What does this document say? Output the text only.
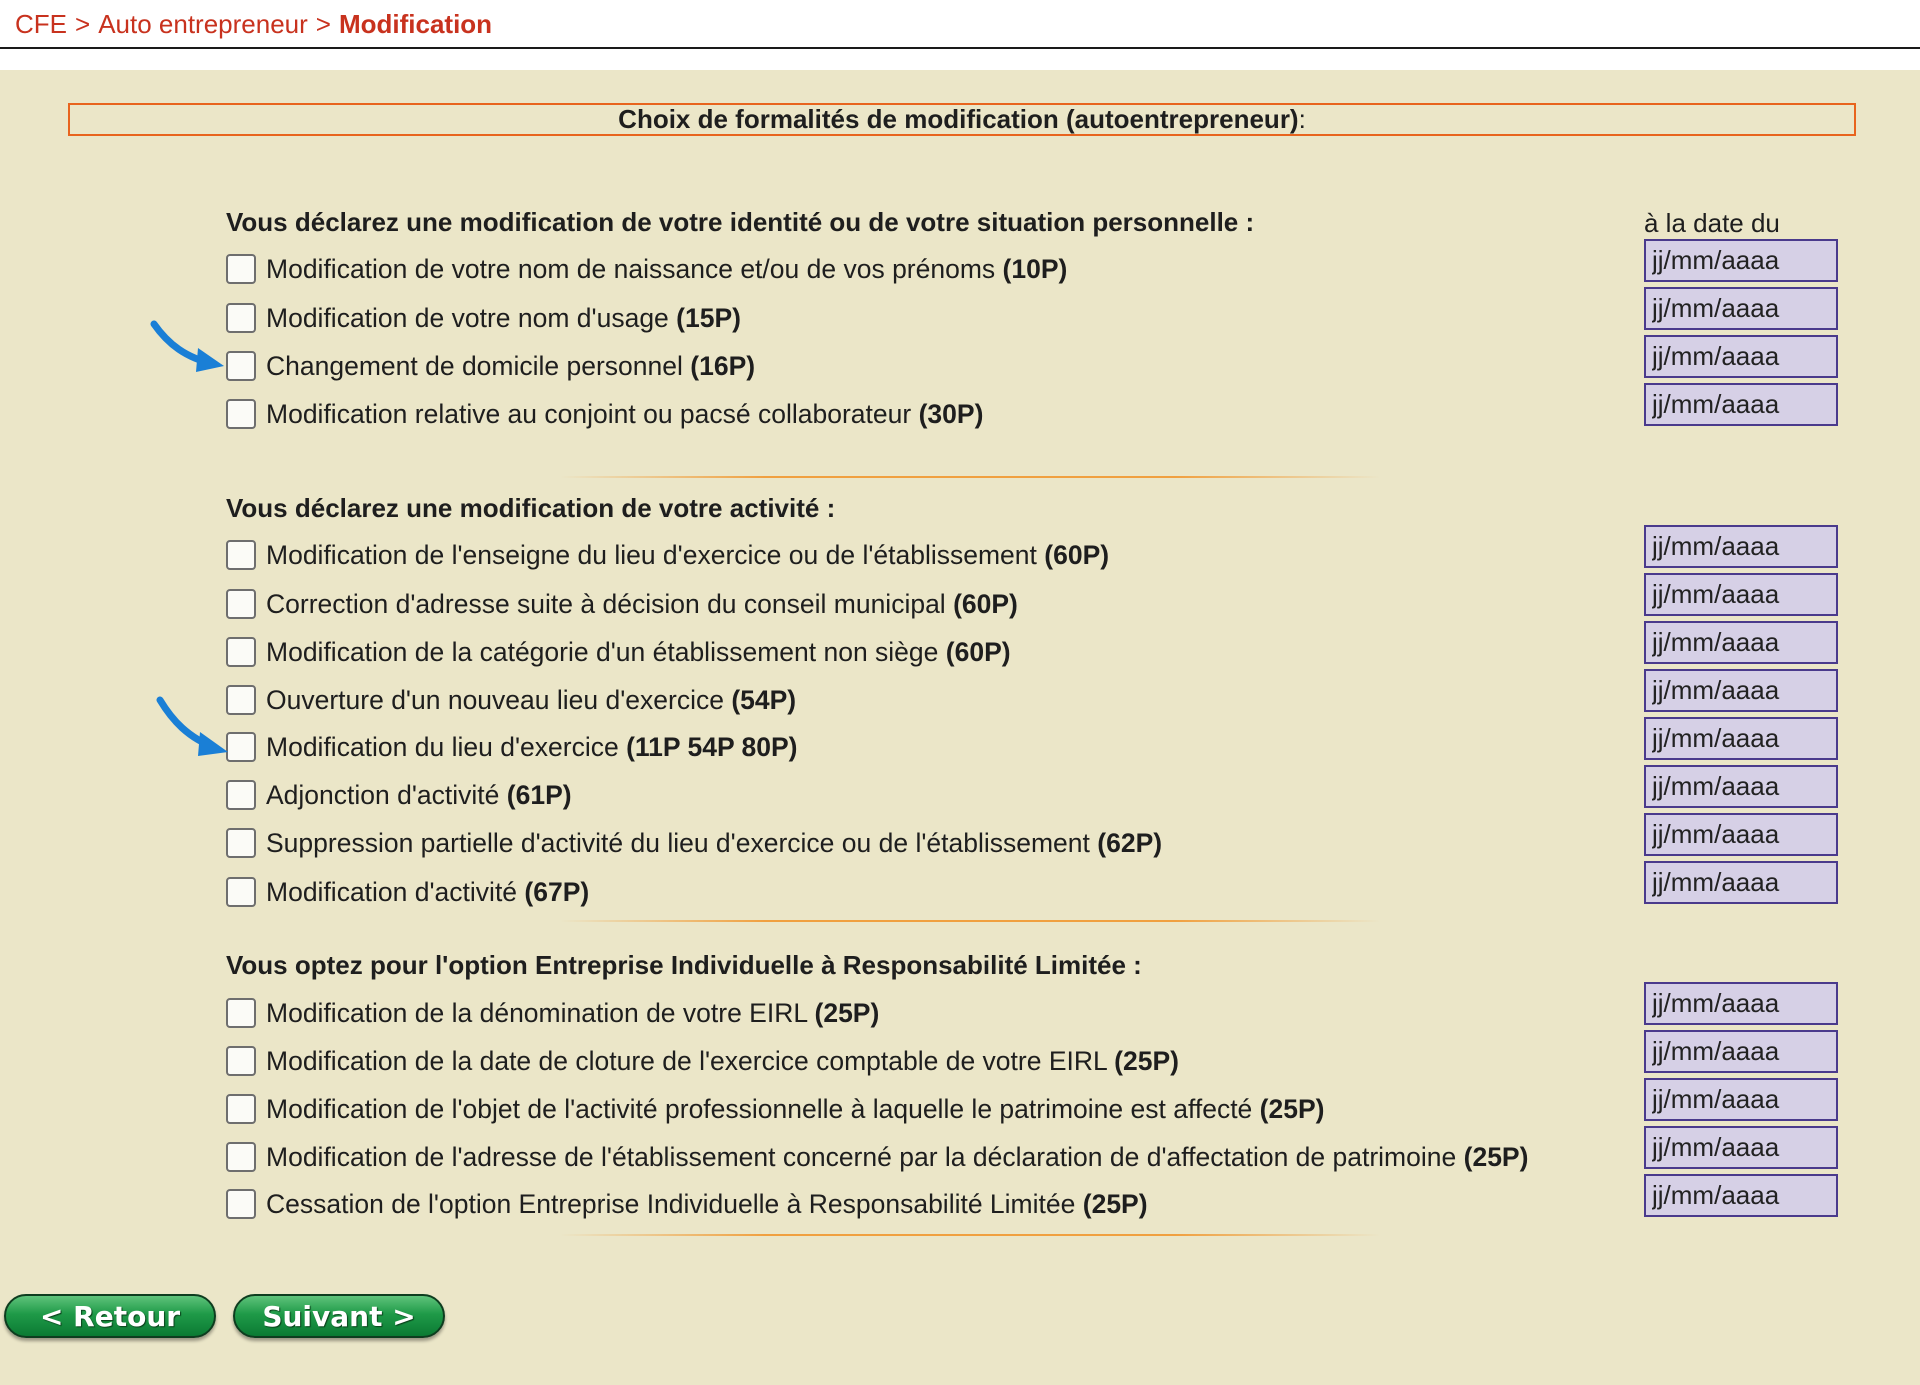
CFE > Auto entrepreneur > Modification
Choix de formalités de modification (autoentrepreneur) :
Vous déclarez une modification de votre identité ou de votre situation personnelle :	à la date du
Modification de votre nom de naissance et/ou de vos prénoms (10P)
jj/mm/aaaa
Modification de votre nom d'usage (15P)
jj/mm/aaaa
Changement de domicile personnel (16P)
jj/mm/aaaa
Modification relative au conjoint ou pacsé collaborateur (30P)
jj/mm/aaaa
Vous déclarez une modification de votre activité :
Modification de l'enseigne du lieu d'exercice ou de l'établissement (60P)
jj/mm/aaaa
Correction d'adresse suite à décision du conseil municipal (60P)
jj/mm/aaaa
Modification de la catégorie d'un établissement non siège (60P)
jj/mm/aaaa
Ouverture d'un nouveau lieu d'exercice (54P)
jj/mm/aaaa
Modification du lieu d'exercice (11P 54P 80P)
jj/mm/aaaa
Adjonction d'activité (61P)
jj/mm/aaaa
Suppression partielle d'activité du lieu d'exercice ou de l'établissement (62P)
jj/mm/aaaa
Modification d'activité (67P)
jj/mm/aaaa
Vous optez pour l'option Entreprise Individuelle à Responsabilité Limitée :
Modification de la dénomination de votre EIRL (25P)
jj/mm/aaaa
Modification de la date de cloture de l'exercice comptable de votre EIRL (25P)
jj/mm/aaaa
Modification de l'objet de l'activité professionnelle à laquelle le patrimoine est affecté (25P)
jj/mm/aaaa
Modification de l'adresse de l'établissement concerné par la déclaration de d'affectation de patrimoine (25P)
jj/mm/aaaa
Cessation de l'option Entreprise Individuelle à Responsabilité Limitée (25P)
jj/mm/aaaa
< Retour	Suivant >
